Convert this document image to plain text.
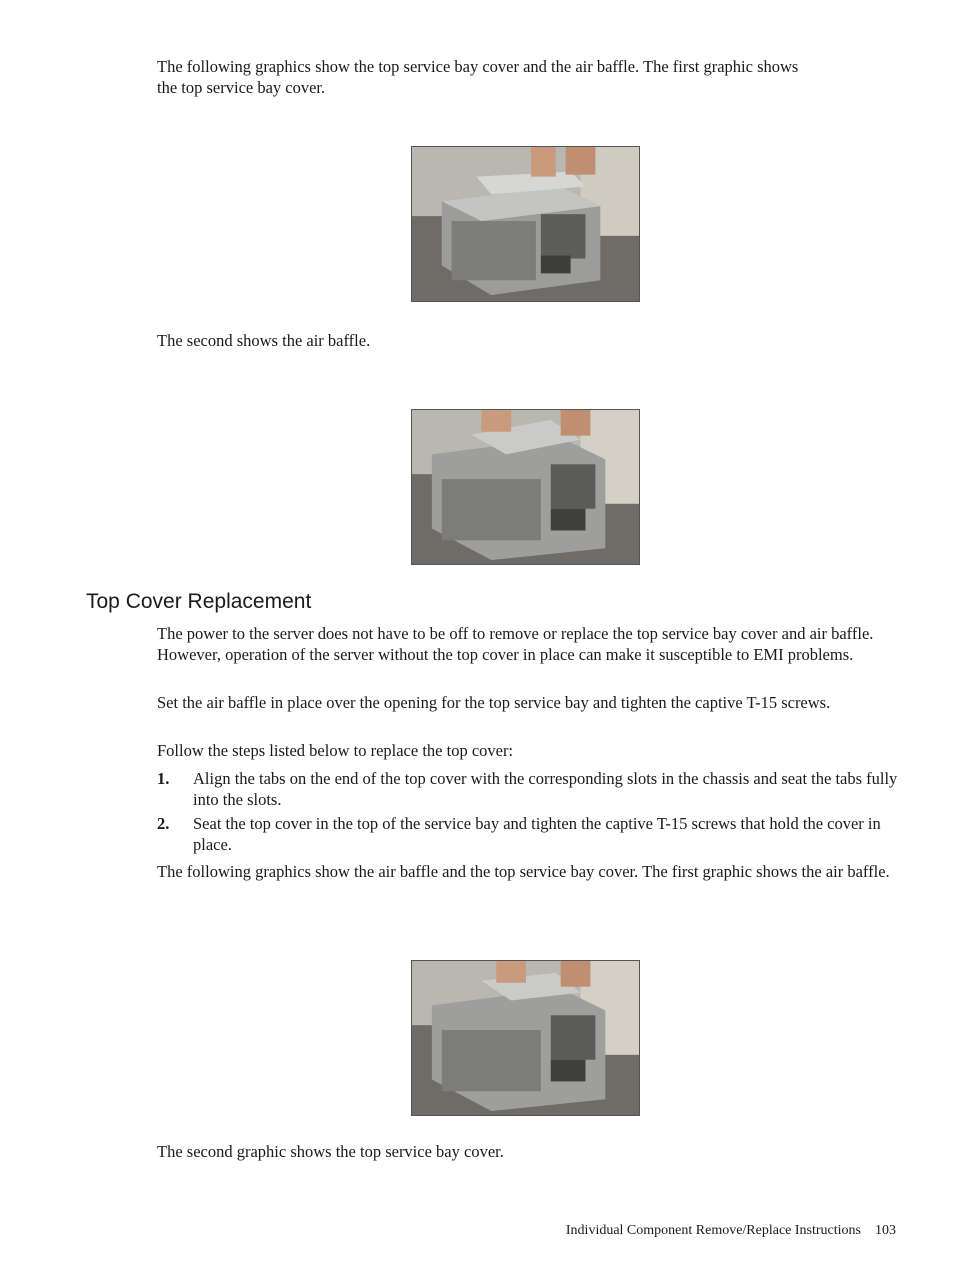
The following graphics show the top service bay cover and the air baffle. The first graphic shows
the top service bay cover.

The second shows the air baffle.

Top Cover Replacement

The power to the server does not have to be off to remove or replace the top service bay cover and air baffle. However, operation of the server without the top cover in place can make it susceptible to EMI problems.

Set the air baffle in place over the opening for the top service bay and tighten the captive T-15 screws.

Follow the steps listed below to replace the top cover:

1. Align the tabs on the end of the top cover with the corresponding slots in the chassis and seat the tabs fully into the slots.
2. Seat the top cover in the top of the service bay and tighten the captive T-15 screws that hold the cover in place.

The following graphics show the air baffle and the top service bay cover. The first graphic shows the air baffle.

The second graphic shows the top service bay cover.

Individual Component Remove/Replace Instructions 103
